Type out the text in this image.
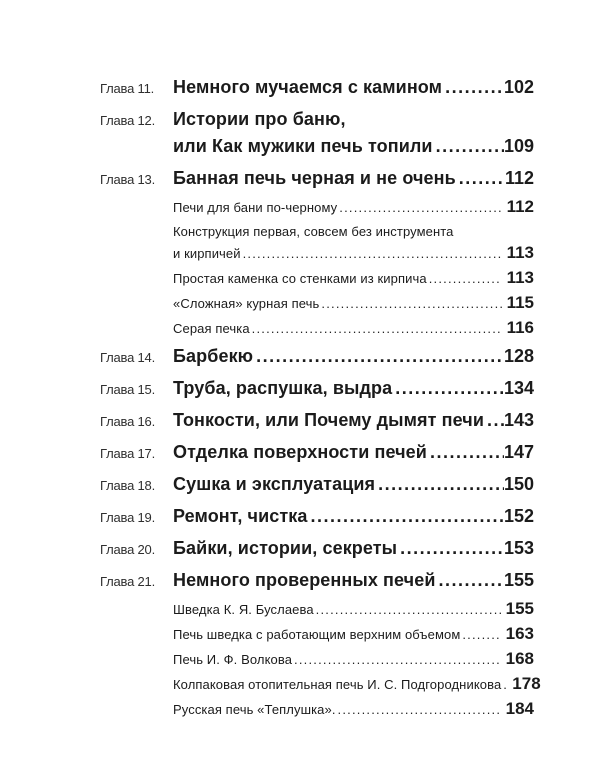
Глава 11.	Немного мучаемся с камином .....	102
Глава 12.	Истории про баню,
или Как мужики печь топили .....	109
Глава 13.	Банная печь черная и не очень .....	112
Печи для бани по-черному .....	112
Конструкция первая, совсем без инструмента
и кирпичей .....	113
Простая каменка со стенками из кирпича .....	113
«Сложная» курная печь .....	115
Серая печка .....	116
Глава 14.	Барбекю .....	128
Глава 15.	Труба, распушка, выдра .....	134
Глава 16.	Тонкости, или Почему дымят печи ..... 143
Глава 17.	Отделка поверхности печей .....	147
Глава 18.	Сушка и эксплуатация .....	150
Глава 19.	Ремонт, чистка .....	152
Глава 20.	Байки, истории, секреты .....	153
Глава 21.	Немного проверенных печей .....	155
Шведка К. Я. Буслаева .....	155
Печь шведка с работающим верхним объемом .....	163
Печь И. Ф. Волкова .....	168
Колпаковая отопительная печь И. С. Подгородникова ..... 178
Русская печь «Теплушка». .....	184
